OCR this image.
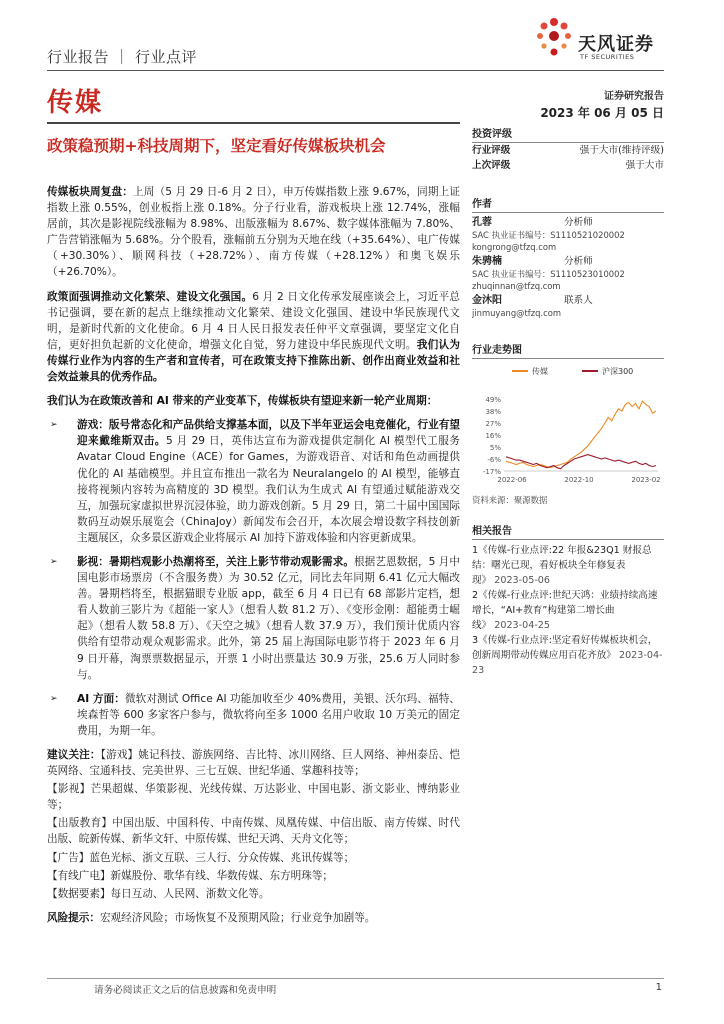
行业报告 ｜ 行业点评
天风证券
TF SECURITIES
传媒	证券研究报告
2023 年 06 月 05 日
政策稳预期+科技周期下，坚定看好传媒板块机会

传媒板块周复盘：上周（5 月 29 日-6 月 2 日），申万传媒指数上涨 9.67%，同期上证指数上涨 0.55%，创业板指上涨 0.18%。分子行业看，游戏板块上涨 12.74%，涨幅居前，其次是影视院线涨幅为 8.98%、出版涨幅为 8.67%、数字媒体涨幅为 7.80%、广告营销涨幅为 5.68%。分个股看，涨幅前五分别为天地在线（+35.64%）、电广传媒（+30.30%）、顺网科技（+28.72%）、南方传媒（+28.12%）和奥飞娱乐（+26.70%）。

政策面强调推动文化繁荣、建设文化强国。6 月 2 日文化传承发展座谈会上，习近平总书记强调，要在新的起点上继续推动文化繁荣、建设文化强国、建设中华民族现代文明，是新时代新的文化使命。6 月 4 日人民日报发表任仲平文章强调，要坚定文化自信，更好担负起新的文化使命，增强文化自觉，努力建设中华民族现代文明。我们认为传媒行业作为内容的生产者和宣传者，可在政策支持下推陈出新、创作出商业效益和社会效益兼具的优秀作品。

我们认为在政策改善和 AI 带来的产业变革下，传媒板块有望迎来新一轮产业周期：

➢ 游戏：版号常态化和产品供给支撑基本面，以及下半年亚运会电竞催化，行业有望迎来戴维斯双击。5 月 29 日，英伟达宣布为游戏提供定制化 AI 模型代工服务 Avatar Cloud Engine（ACE）for Games，为游戏语音、对话和角色动画提供优化的 AI 基础模型。并且宣布推出一款名为 Neuralangelo 的 AI 模型，能够直接将视频内容转为高精度的 3D 模型。我们认为生成式 AI 有望通过赋能游戏交互，加强玩家虚拟世界沉浸体验，助力游戏创新。5 月 29 日，第二十届中国国际数码互动娱乐展览会（ChinaJoy）新闻发布会召开，本次展会增设数字科技创新主题展区，众多景区游戏企业将展示 AI 加持下游戏体验和内容更新成果。

➢ 影视：暑期档观影小热潮将至，关注上影节带动观影需求。根据艺恩数据，5 月中国电影市场票房（不含服务费）为 30.52 亿元，同比去年同期 6.41 亿元大幅改善。暑期档将至，根据猫眼专业版 app，截至 6 月 4 日已有 68 部影片定档，想看人数前三影片为《超能一家人》（想看人数 81.2 万）、《变形金刚：超能勇士崛起》（想看人数 58.8 万）、《天空之城》（想看人数 37.9 万），我们预计优质内容供给有望带动观众观影需求。此外，第 25 届上海国际电影节将于 2023 年 6 月 9 日开幕，淘票票数据显示，开票 1 小时出票量达 30.9 万张，25.6 万人同时参与。

➢ AI 方面：微软对测试 Office AI 功能加收至少 40%费用，美银、沃尔玛、福特、埃森哲等 600 多家客户参与，微软将向至多 1000 名用户收取 10 万美元的固定费用，为期一年。

建议关注：【游戏】姚记科技、游族网络、吉比特、冰川网络、巨人网络、神州泰岳、恺英网络、宝通科技、完美世界、三七互娱、世纪华通、掌趣科技等；

【影视】芒果超媒、华策影视、光线传媒、万达影业、中国电影、浙文影业、博纳影业等；

【出版教育】中国出版、中国科传、中南传媒、凤凰传媒、中信出版、南方传媒、时代出版、皖新传媒、新华文轩、中原传媒、世纪天鸿、天舟文化等；

【广告】蓝色光标、浙文互联、三人行、分众传媒、兆讯传媒等；

【有线广电】新媒股份、歌华有线、华数传媒、东方明珠等；

【数据要素】每日互动、人民网、浙数文化等。

风险提示：宏观经济风险；市场恢复不及预期风险；行业竞争加剧等。

投资评级
行业评级	强于大市(维持评级)
上次评级	强于大市
作者
孔蓉	分析师
SAC 执业证书编号：S1110521020002
kongrong@tfzq.com
朱骋楠	分析师
SAC 执业证书编号：S1110523010002
zhuqinnan@tfzq.com
金沐阳	联系人
jinmuyang@tfzq.com
行业走势图
传媒	沪深300
49%
38%
27%
16%
5%
-6%
-17%
2022-06	2022-10	2023-02
资料来源：聚源数据
相关报告
1《传媒-行业点评:22 年报&23Q1 财报总结：曙光已现，看好板块全年修复表现》 2023-05-06
2《传媒-行业点评:世纪天鸿：业绩持续高速增长，“AI+教育”构建第二增长曲线》 2023-04-25
3《传媒-行业点评:坚定看好传媒板块机会，创新周期带动传媒应用百花齐放》 2023-04-23
请务必阅读正文之后的信息披露和免责申明	1
